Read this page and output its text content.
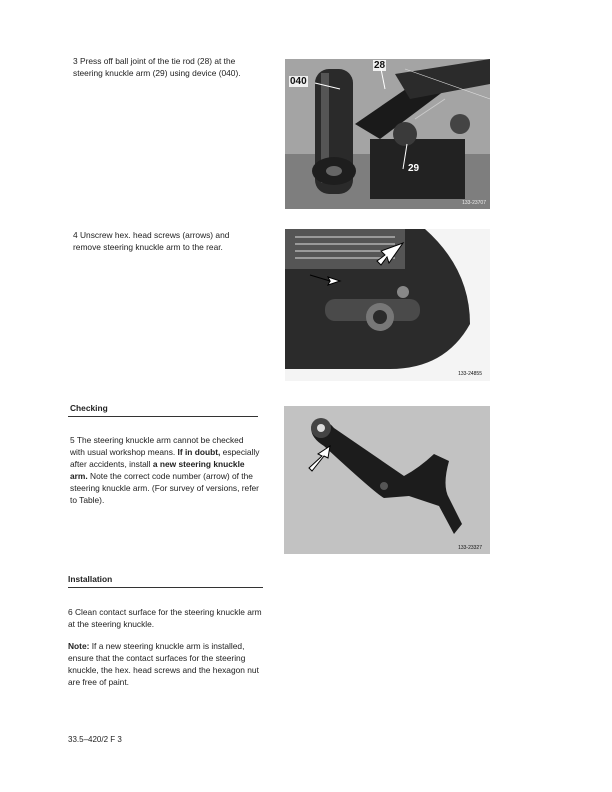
3 Press off ball joint of the tie rod (28) at the steering knuckle arm (29) using device (040).

040
28
29
133-23707

4 Unscrew hex. head screws (arrows) and remove steering knuckle arm to the rear.

133-24855

Checking

5 The steering knuckle arm cannot be checked with usual workshop means. If in doubt, especially after accidents, install a new steering knuckle arm. Note the correct code number (arrow) of the steering knuckle arm. (For survey of versions, refer to Table).

133-23327

Installation

6 Clean contact surface for the steering knuckle arm at the steering knuckle.

Note: If a new steering knuckle arm is installed, ensure that the contact surfaces for the steering knuckle, the hex. head screws and the hexagon nut are free of paint.

33.5–420/2 F 3
